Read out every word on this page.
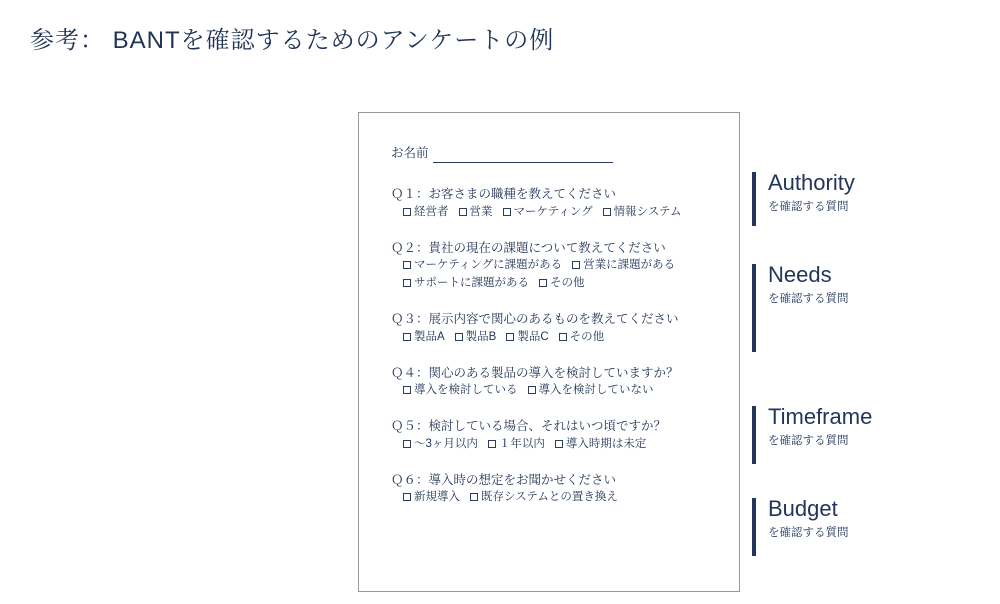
参考： BANTを確認するためのアンケートの例
お名前
Ｑ１：お客さまの職種を教えてください
経営者 営業 マーケティング 情報システム
Ｑ２：貴社の現在の課題について教えてください
マーケティングに課題がある 営業に課題がある
サポートに課題がある その他
Ｑ３：展示内容で関心のあるものを教えてください
製品A 製品B 製品C その他
Ｑ４：関心のある製品の導入を検討していますか？
導入を検討している 導入を検討していない
Ｑ５：検討している場合、それはいつ頃ですか？
〜3ヶ月以内 １年以内 導入時期は未定
Ｑ６：導入時の想定をお聞かせください
新規導入 既存システムとの置き換え
Authority
を確認する質問
Needs
を確認する質問
Timeframe
を確認する質問
Budget
を確認する質問
